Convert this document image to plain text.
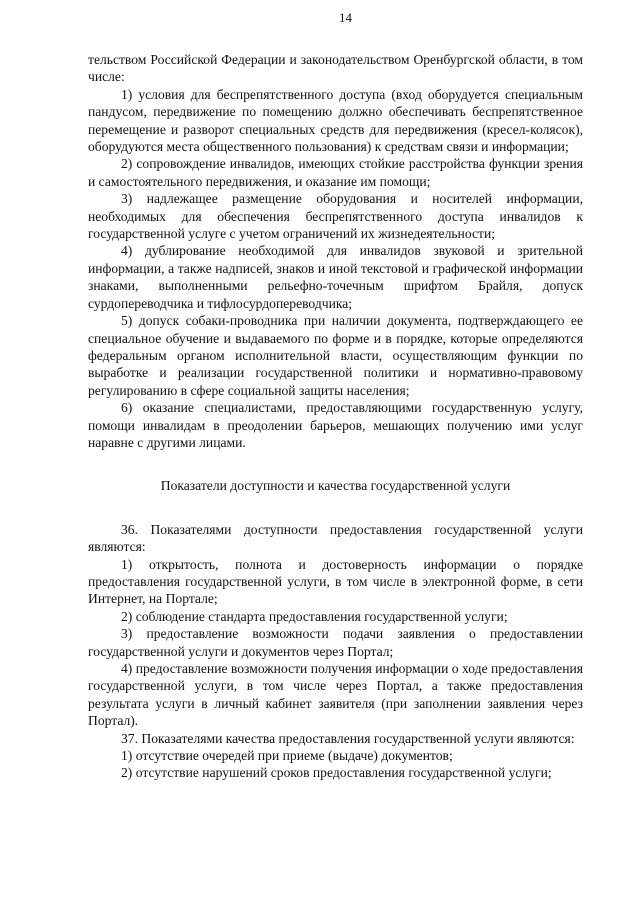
14

тельством Российской Федерации и законодательством Оренбургской области, в том числе:

1) условия для беспрепятственного доступа (вход оборудуется специальным пандусом, передвижение по помещению должно обеспечивать беспрепятственное перемещение и разворот специальных средств для передвижения (кресел-колясок), оборудуются места общественного пользования) к средствам связи и информации;

2) сопровождение инвалидов, имеющих стойкие расстройства функции зрения и самостоятельного передвижения, и оказание им помощи;

3) надлежащее размещение оборудования и носителей информации, необходимых для обеспечения беспрепятственного доступа инвалидов к государственной услуге с учетом ограничений их жизнедеятельности;

4) дублирование необходимой для инвалидов звуковой и зрительной информации, а также надписей, знаков и иной текстовой и графической информации знаками, выполненными рельефно-точечным шрифтом Брайля, допуск сурдопереводчика и тифлосурдопереводчика;

5) допуск собаки-проводника при наличии документа, подтверждающего ее специальное обучение и выдаваемого по форме и в порядке, которые определяются федеральным органом исполнительной власти, осуществляющим функции по выработке и реализации государственной политики и нормативно-правовому регулированию в сфере социальной защиты населения;

6) оказание специалистами, предоставляющими государственную услугу, помощи инвалидам в преодолении барьеров, мешающих получению ими услуг наравне с другими лицами.

Показатели доступности и качества государственной услуги

36. Показателями доступности предоставления государственной услуги являются:

1) открытость, полнота и достоверность информации о порядке предоставления государственной услуги, в том числе в электронной форме, в сети Интернет, на Портале;

2) соблюдение стандарта предоставления государственной услуги;

3) предоставление возможности подачи заявления о предоставлении государственной услуги и документов через Портал;

4) предоставление возможности получения информации о ходе предоставления государственной услуги, в том числе через Портал, а также предоставления результата услуги в личный кабинет заявителя (при заполнении заявления через Портал).

37. Показателями качества предоставления государственной услуги являются:

1) отсутствие очередей при приеме (выдаче) документов;

2) отсутствие нарушений сроков предоставления государственной услуги;
